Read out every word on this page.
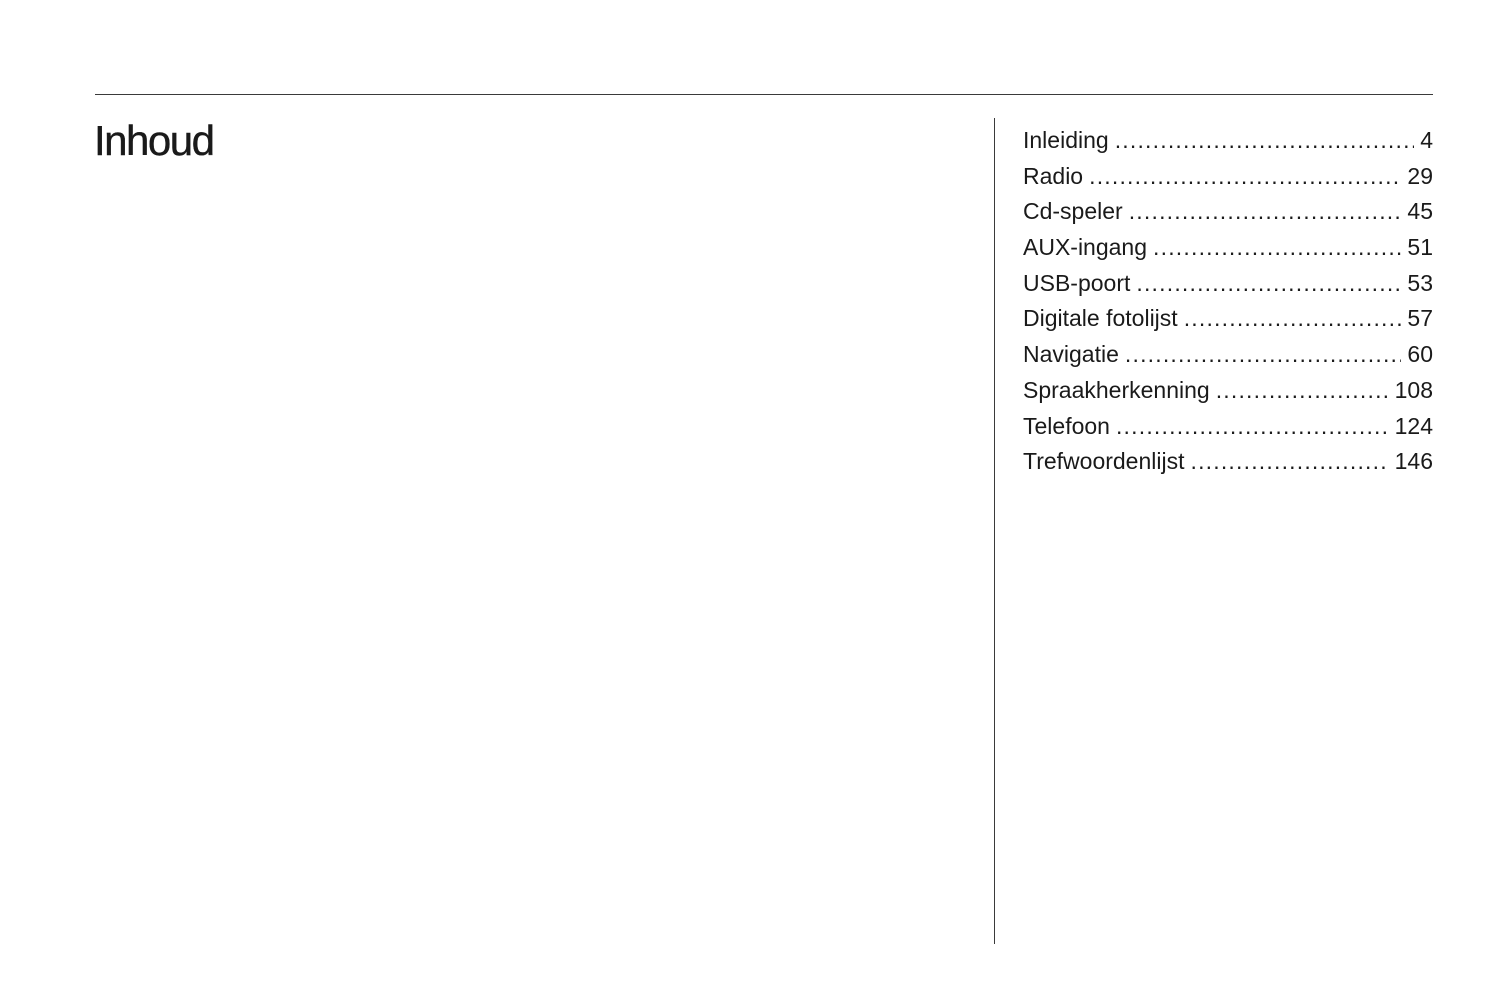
Inhoud	Inleiding .....	4
Radio .....	29
Cd-speler .....	45
AUX-ingang .....	51
USB-poort .....	53
Digitale fotolijst .....	57
Navigatie .....	60
Spraakherkenning .....	108
Telefoon .....	124
Trefwoordenlijst .....	146
